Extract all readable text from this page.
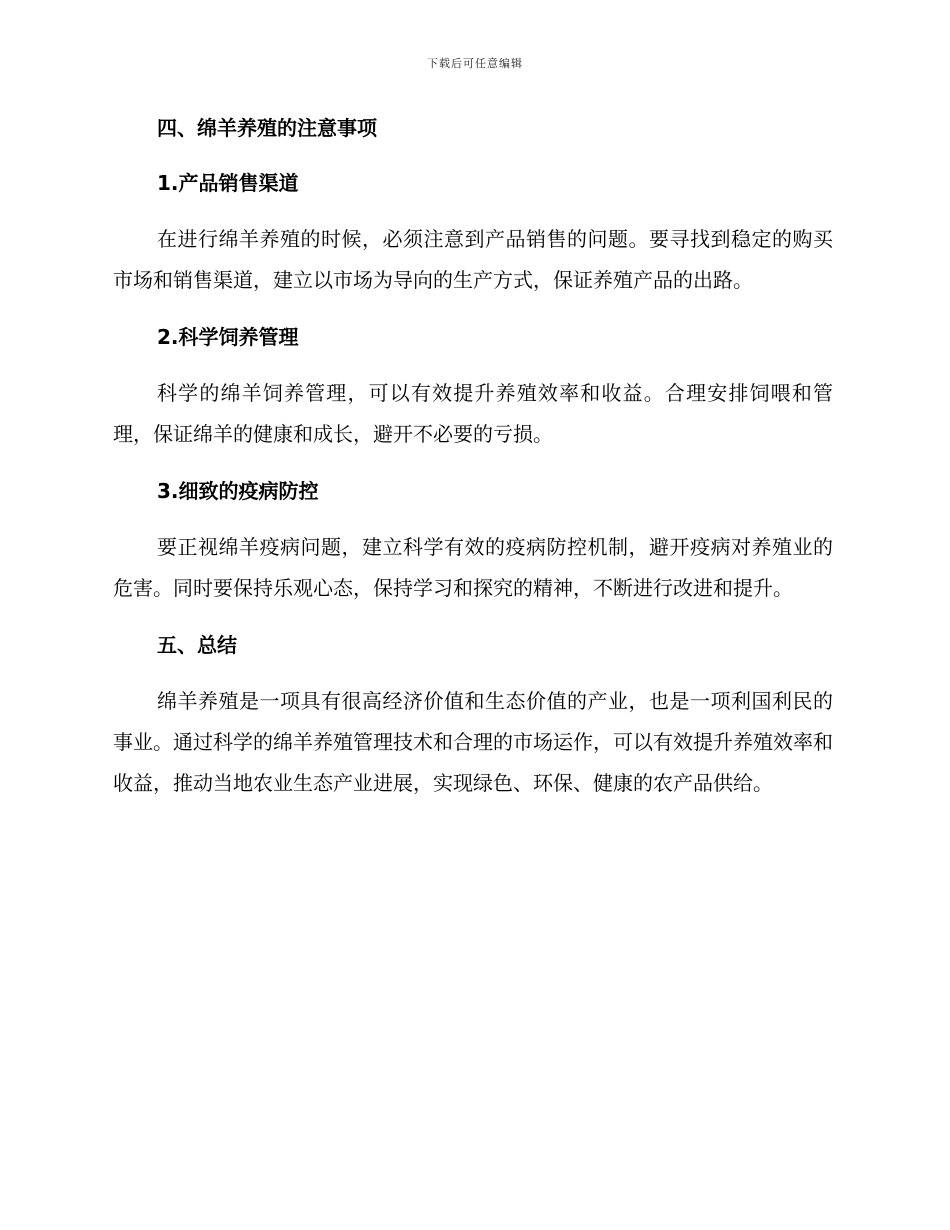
下载后可任意编辑
四、绵羊养殖的注意事项
1.产品销售渠道

在进行绵羊养殖的时候，必须注意到产品销售的问题。要寻找到稳定的购买市场和销售渠道，建立以市场为导向的生产方式，保证养殖产品的出路。

2.科学饲养管理

科学的绵羊饲养管理，可以有效提升养殖效率和收益。合理安排饲喂和管理，保证绵羊的健康和成长，避开不必要的亏损。

3.细致的疫病防控

要正视绵羊疫病问题，建立科学有效的疫病防控机制，避开疫病对养殖业的危害。同时要保持乐观心态，保持学习和探究的精神，不断进行改进和提升。

五、总结

绵羊养殖是一项具有很高经济价值和生态价值的产业，也是一项利国利民的事业。通过科学的绵羊养殖管理技术和合理的市场运作，可以有效提升养殖效率和收益，推动当地农业生态产业进展，实现绿色、环保、健康的农产品供给。
